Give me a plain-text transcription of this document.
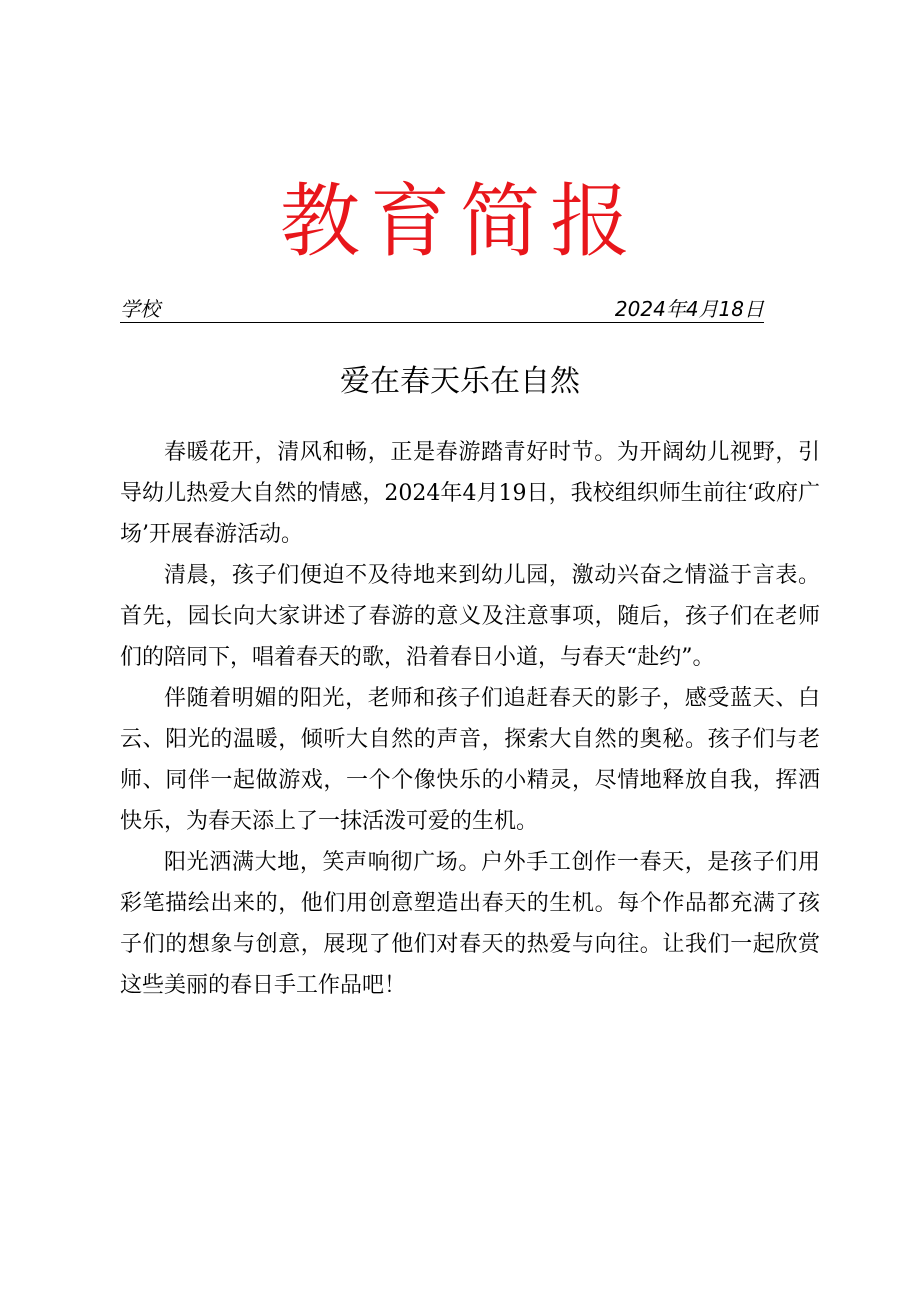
教育简报
学校	2024年4月18日
爱在春天乐在自然

春暖花开，清风和畅，正是春游踏青好时节。为开阔幼儿视野，引导幼儿热爱大自然的情感，2024年4月19日，我校组织师生前往‘政府广场’开展春游活动。

清晨，孩子们便迫不及待地来到幼儿园，激动兴奋之情溢于言表。首先，园长向大家讲述了春游的意义及注意事项，随后，孩子们在老师们的陪同下，唱着春天的歌，沿着春日小道，与春天“赴约”。

伴随着明媚的阳光，老师和孩子们追赶春天的影子，感受蓝天、白云、阳光的温暖，倾听大自然的声音，探索大自然的奥秘。孩子们与老师、同伴一起做游戏，一个个像快乐的小精灵，尽情地释放自我，挥洒快乐，为春天添上了一抹活泼可爱的生机。

阳光洒满大地，笑声响彻广场。户外手工创作一春天，是孩子们用彩笔描绘出来的，他们用创意塑造出春天的生机。每个作品都充满了孩子们的想象与创意，展现了他们对春天的热爱与向往。让我们一起欣赏这些美丽的春日手工作品吧！
